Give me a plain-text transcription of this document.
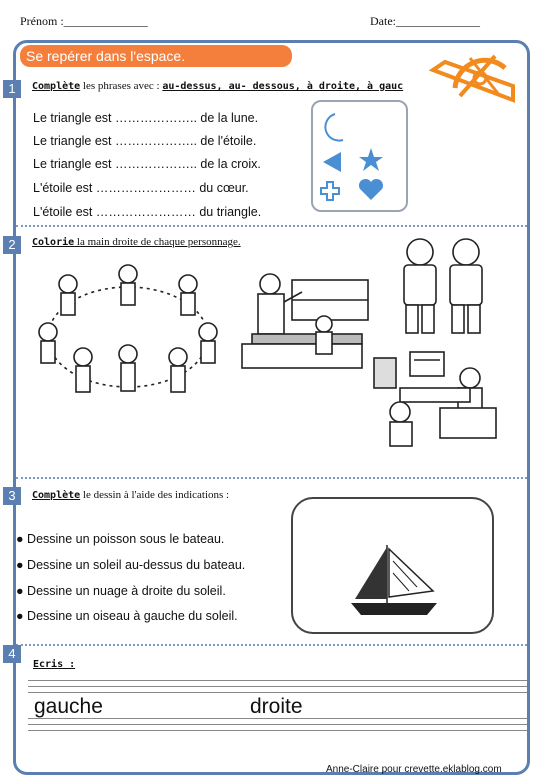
Prénom :______________	Date:______________
Se repérer dans l'espace.
1	Complète les phrases avec : au-dessus, au- dessous, à droite, à gauc
Le triangle est ……………….. de la lune.
Le triangle est ……………….. de l'étoile.
Le triangle est ……………….. de la croix.
L'étoile est …………………… du cœur.
L'étoile est …………………… du triangle.
2	Colorie la main droite de chaque personnage.
3	Complète le dessin à l'aide des indications :
● Dessine un poisson sous le bateau.
● Dessine un soleil au-dessus du bateau.
● Dessine un nuage à droite du soleil.
● Dessine un oiseau à gauche du soleil.
4
Ecris :
gauche	droite
Anne-Claire pour crevette.eklablog.com
